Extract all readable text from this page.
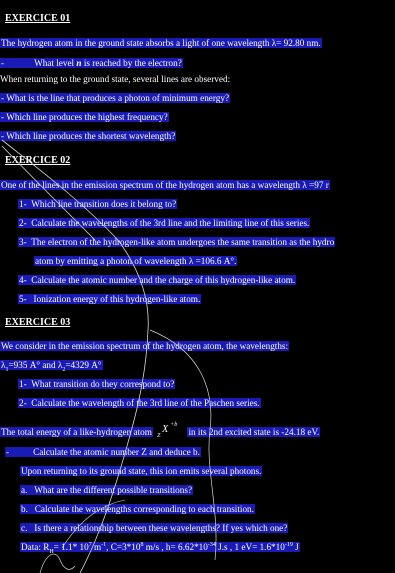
EXERCICE 01
The hydrogen atom in the ground state absorbs a light of one wavelength λ= 92.80 nm.
-	What level n is reached by the electron?
When returning to the ground state, several lines are observed:
- What is the line that produces a photon of minimum energy?
- Which line produces the highest frequency?
- Which line produces the shortest wavelength?
EXERCICE 02
One of the lines in the emission spectrum of the hydrogen atom has a wavelength λ =97 r
1- Which line transition does it belong to?
2- Calculate the wavelengths of the 3rd line and the limiting line of this series.
3- The electron of the hydrogen-like atom undergoes the same transition as the hydro
atom by emitting a photon of wavelength λ =106.6 A°.
4- Calculate the atomic number and the charge of this hydrogen-like atom.
5- Ionization energy of this hydrogen-like atom.
EXERCICE 03
We consider in the emission spectrum of the hydrogen atom, the wavelengths:
$\lambda_1=935$ A° and $\lambda_2=4329$ A°
1- What transition do they correspond to?
2- Calculate the wavelength of the 3rd line of the Paschen series.
The total energy of a like-hydrogen atom Z
X +b
in its 2nd excited state is -24.18 eV.
-	Calculate the atomic number Z and deduce b.
Upon returning to its ground state, this ion emits several photons.
a. What are the different possible transitions?
b. Calculate the wavelengths corresponding to each transition.
c. Is there a relationship between these wavelengths? If yes which one?
Data: $R_H= 1.1*$ $10^7$ $m^{-1}$, $C=3*10^8$ m/s , $h= 6.62*10^{-34}$ J.s , 1 $eV= 1.6*10^{-19}$ J
